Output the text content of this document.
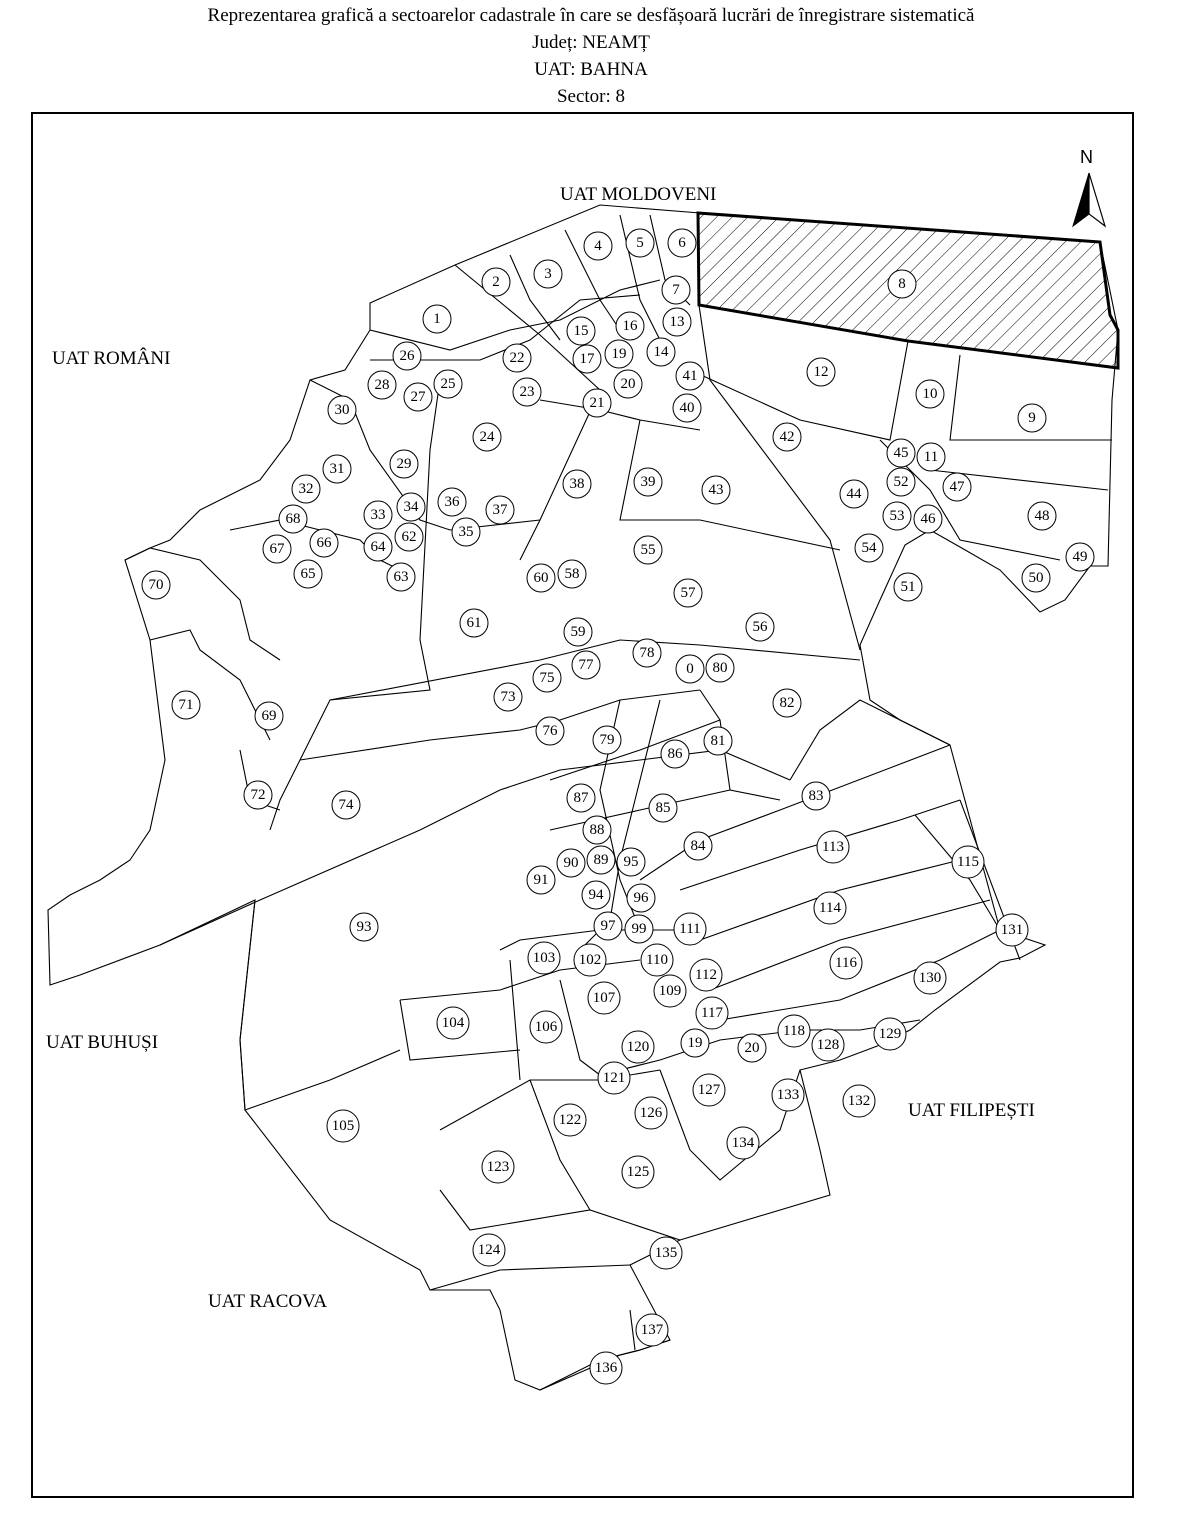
Reprezentarea grafică a sectoarelor cadastrale în care se desfășoară lucrări de înregistrare sistematică
Județ: NEAMȚ
UAT: BAHNA
Sector: 8
0
1
2	3
4 5 6
7	8
9
10
11
12
13
14
15 16
17 19
19
20
20
21
22
23
24
25
26
27
28
29
30
31
32
33 34
35
36 37
38	39
40
41
42
43	44
45
46
47
48
49
50
51
52
53
54
55
56
57
58
59
60
61
62
63
64
65
66
67
68
69
70
71
72
73
74
75
76
77
78
79
80
81
82
83
84
85
86
87
88
89
90
91
93
94
95
96
97 99
102
103
104
105
106
107	109
110
111
112
113
114
115
116
117
118
120
121
122
123
124
125
126
127
128
129
130
131
132
133
134
135
136
137
UAT MOLDOVENI
UAT ROMÂNI
UAT BUHUȘI
UAT FILIPEȘTI
UAT RACOVA
N
